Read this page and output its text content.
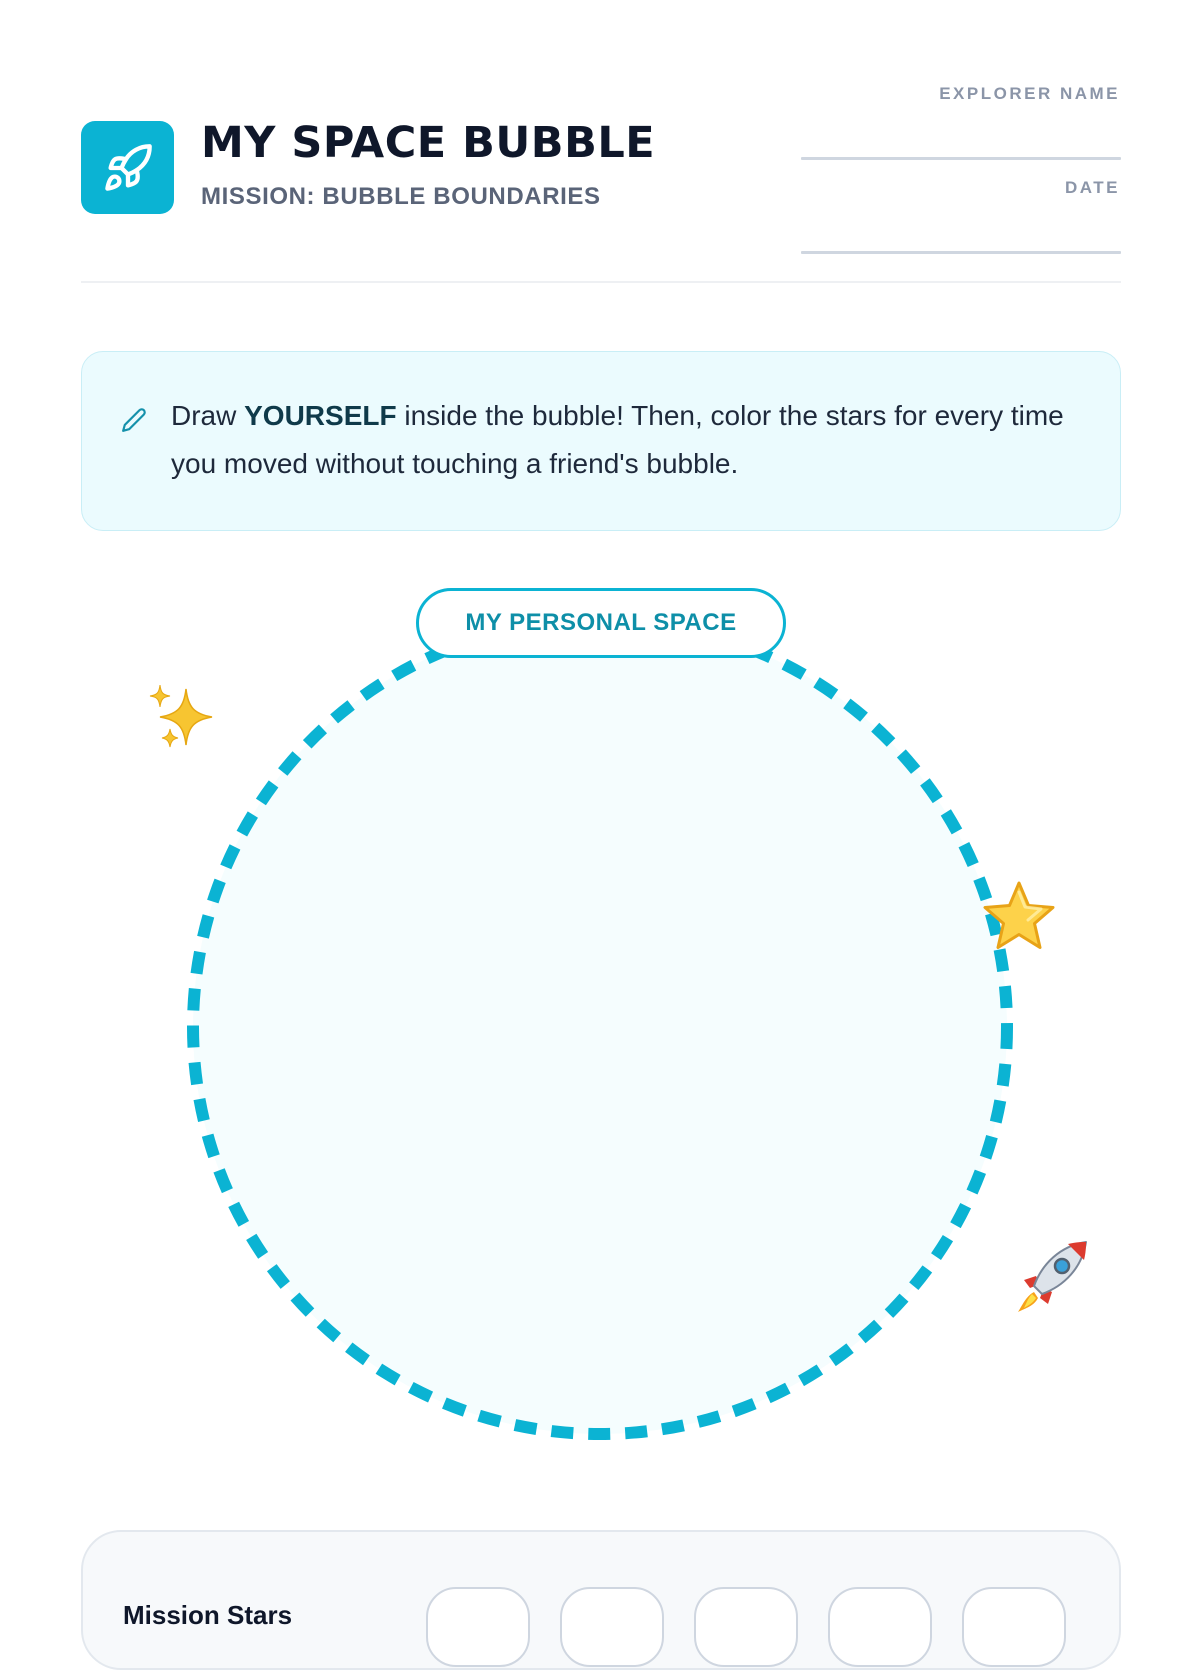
MY SPACE BUBBLE
MISSION: BUBBLE BOUNDARIES
EXPLORER NAME
DATE
Draw YOURSELF inside the bubble! Then, color the stars for every time you moved without touching a friend's bubble.
MY PERSONAL SPACE
Mission Stars
